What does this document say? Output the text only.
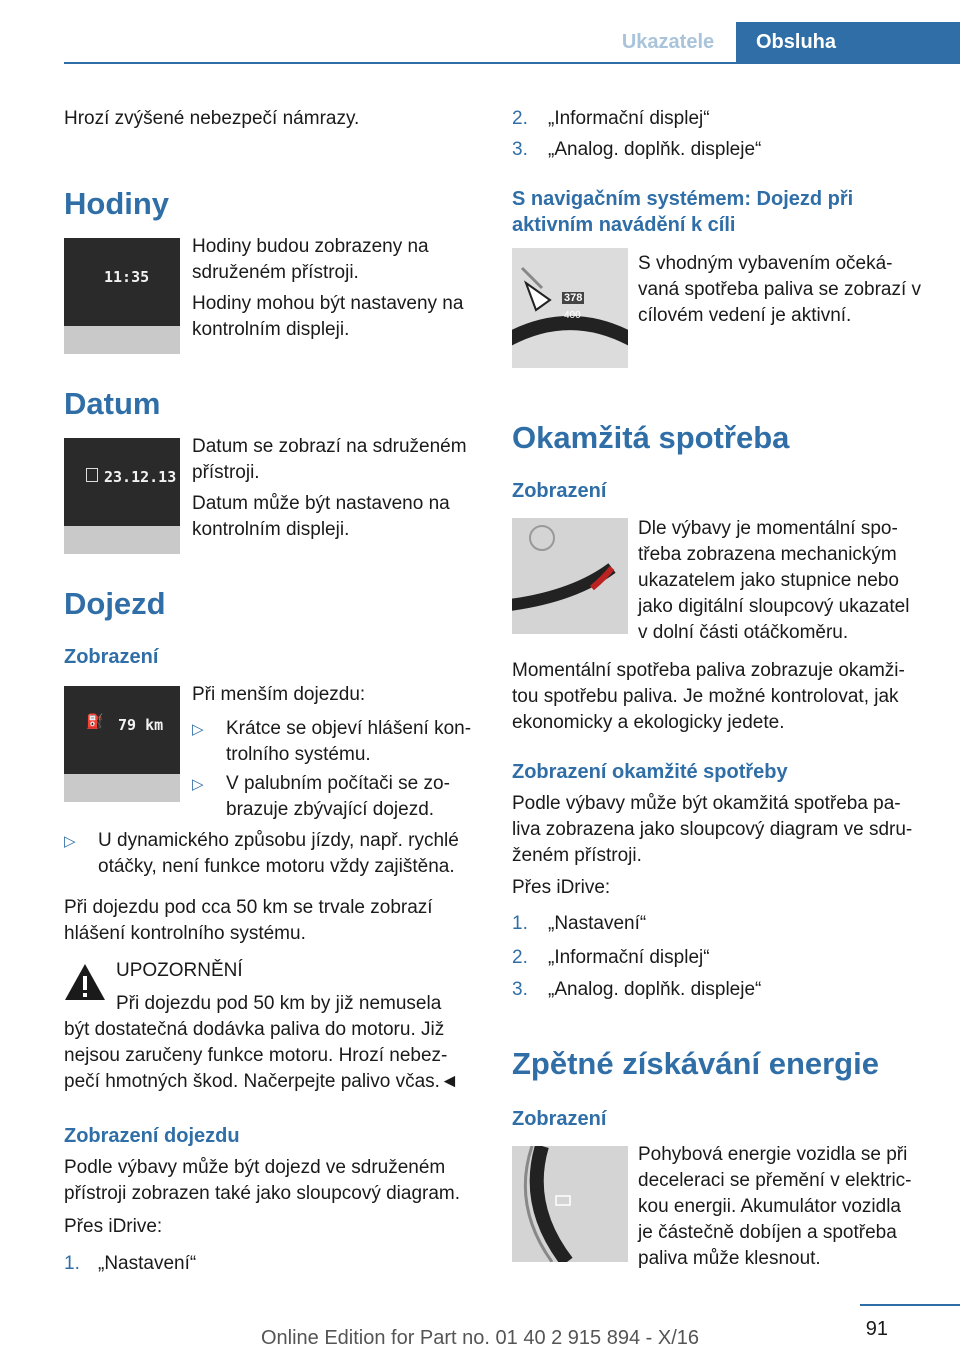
Ukazatele	Obsluha
Hrozí zvýšené nebezpečí námrazy.
Hodiny
11:35
Hodiny budou zobrazeny na
sdruženém přístroji.
Hodiny mohou být nastaveny na
kontrolním displeji.
Datum
23.12.13
Datum se zobrazí na sdruženém
přístroji.
Datum může být nastaveno na
kontrolním displeji.
Dojezd
Zobrazení
⛽ 79 km
Při menším dojezdu:
▷ Krátce se objeví hlášení kon-
trolního systému.
▷ V palubním počítači se zo-
brazuje zbývající dojezd.
▷ U dynamického způsobu jízdy, např. rychlé
otáčky, není funkce motoru vždy zajištěna.
Při dojezdu pod cca 50 km se trvale zobrazí
hlášení kontrolního systému.
UPOZORNĚNÍ
Při dojezdu pod 50 km by již nemusela
být dostatečná dodávka paliva do motoru. Již
nejsou zaručeny funkce motoru. Hrozí nebez-
pečí hmotných škod. Načerpejte palivo včas.◄
Zobrazení dojezdu
Podle výbavy může být dojezd ve sdruženém
přístroji zobrazen také jako sloupcový diagram.
Přes iDrive:
1. „Nastavení“
2. „Informační displej“
3. „Analog. doplňk. displeje“
S navigačním systémem: Dojezd při
aktivním navádění k cíli
378
400
S vhodným vybavením očeká-
vaná spotřeba paliva se zobrazí v
cílovém vedení je aktivní.
Okamžitá spotřeba
Zobrazení
Dle výbavy je momentální spo-
třeba zobrazena mechanickým
ukazatelem jako stupnice nebo
jako digitální sloupcový ukazatel
v dolní části otáčkoměru.
Momentální spotřeba paliva zobrazuje okamži-
tou spotřebu paliva. Je možné kontrolovat, jak
ekonomicky a ekologicky jedete.
Zobrazení okamžité spotřeby
Podle výbavy může být okamžitá spotřeba pa-
liva zobrazena jako sloupcový diagram ve sdru-
ženém přístroji.
Přes iDrive:
1. „Nastavení“
2. „Informační displej“
3. „Analog. doplňk. displeje“
Zpětné získávání energie
Zobrazení
Pohybová energie vozidla se při
deceleraci se přemění v elektric-
kou energii. Akumulátor vozidla
je částečně dobíjen a spotřeba
paliva může klesnout.
91
Online Edition for Part no. 01 40 2 915 894 - X/16
